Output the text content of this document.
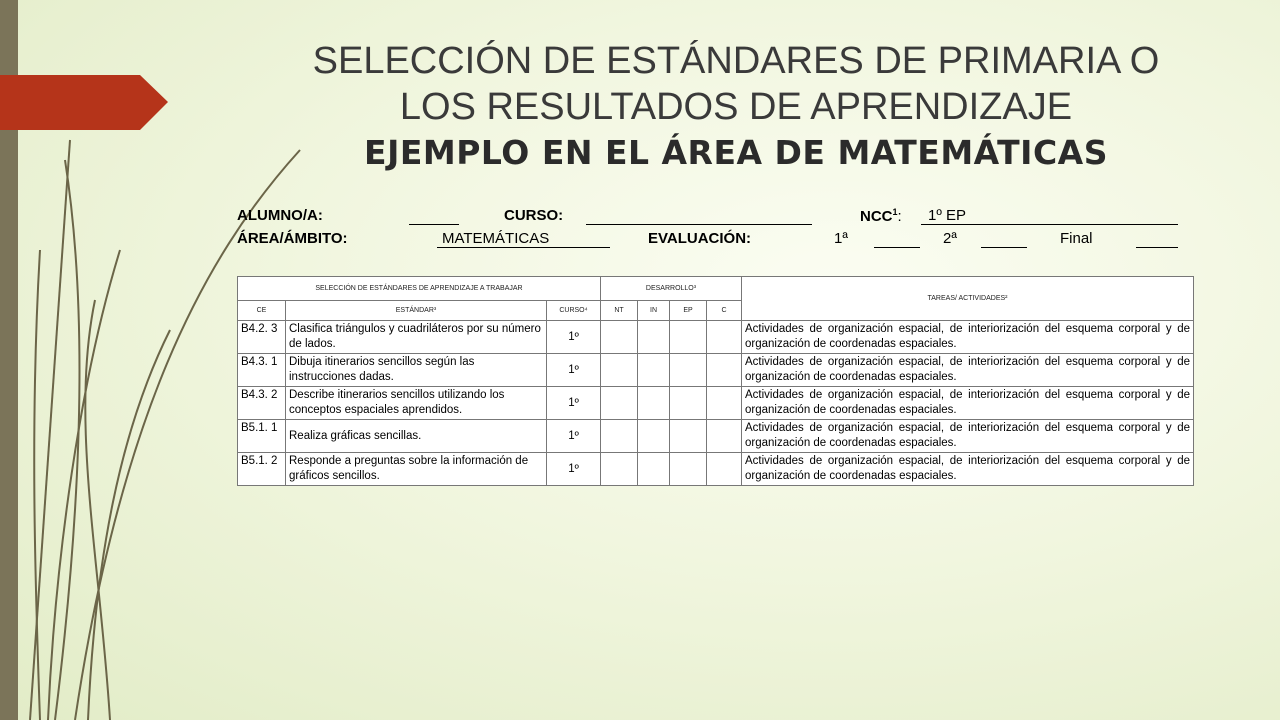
SELECCIÓN DE ESTÁNDARES DE PRIMARIA O
LOS RESULTADOS DE APRENDIZAJE
EJEMPLO EN EL ÁREA DE MATEMÁTICAS
ALUMNO/A:	CURSO:	NCC$^1$: 1º EP
ÁREA/ÁMBITO:	MATEMÁTICAS	EVALUACIÓN:	1ª	2ª	Final
SELECCIÓN DE ESTÁNDARES DE APRENDIZAJE A TRABAJAR			DESARROLLO³				TAREAS/ ACTIVIDADES²
CE	ESTÁNDAR³	CURSO⁴	NT	IN	EP	C	
B4.2. 3	Clasifica triángulos y cuadriláteros por su número de lados.	1º					Actividades de organización espacial, de interiorización del esquema corporal y de organización de coordenadas espaciales.
B4.3. 1	Dibuja itinerarios sencillos según las instrucciones dadas.	1º					Actividades de organización espacial, de interiorización del esquema corporal y de organización de coordenadas espaciales.
B4.3. 2	Describe itinerarios sencillos utilizando los conceptos espaciales aprendidos.	1º					Actividades de organización espacial, de interiorización del esquema corporal y de organización de coordenadas espaciales.
B5.1. 1	Realiza gráficas sencillas.	1º					Actividades de organización espacial, de interiorización del esquema corporal y de organización de coordenadas espaciales.
B5.1. 2	Responde a preguntas sobre la información de gráficos sencillos.	1º					Actividades de organización espacial, de interiorización del esquema corporal y de organización de coordenadas espaciales.
